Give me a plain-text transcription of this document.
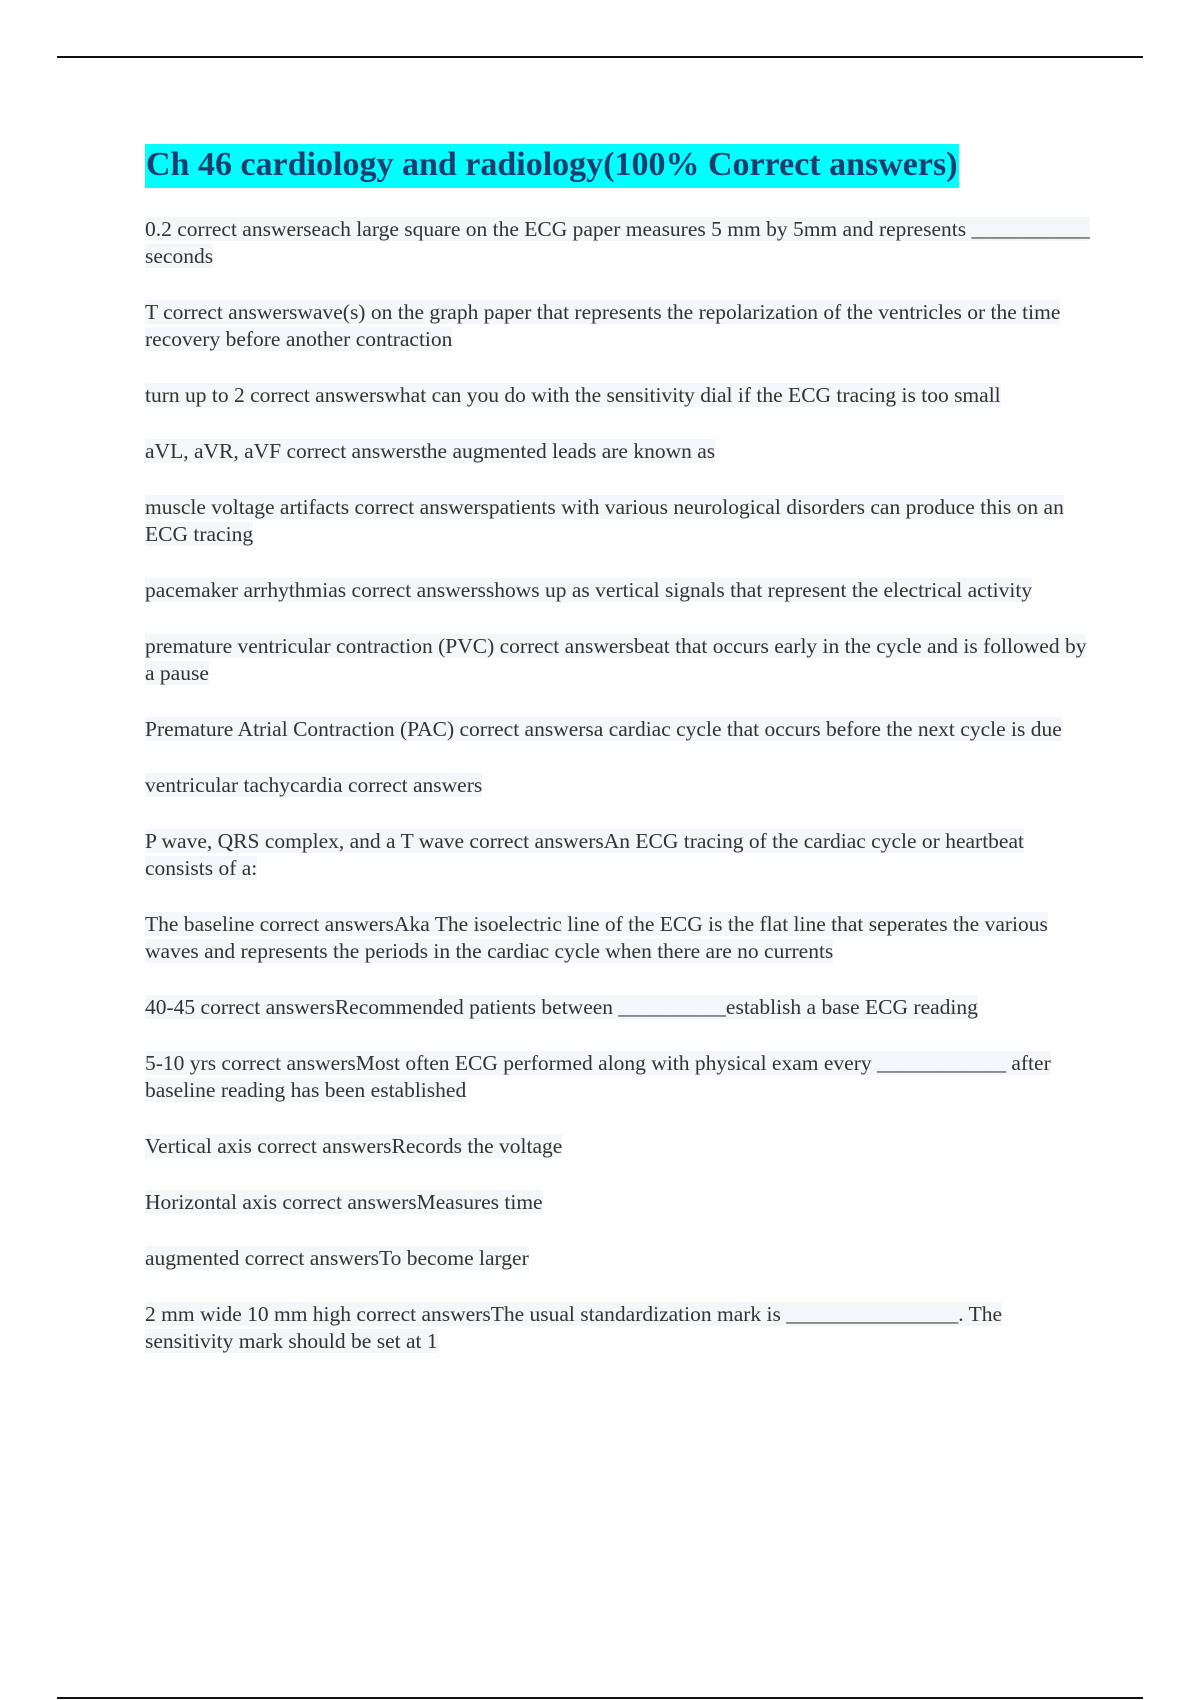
Ch 46 cardiology and radiology(100% Correct answers)
0.2 correct answerseach large square on the ECG paper measures 5 mm by 5mm and represents ___________ seconds
T correct answerswave(s) on the graph paper that represents the repolarization of the ventricles or the time recovery before another contraction
turn up to 2 correct answerswhat can you do with the sensitivity dial if the ECG tracing is too small
aVL, aVR, aVF correct answersthe augmented leads are known as
muscle voltage artifacts correct answerspatients with various neurological disorders can produce this on an ECG tracing
pacemaker arrhythmias correct answersshows up as vertical signals that represent the electrical activity
premature ventricular contraction (PVC) correct answersbeat that occurs early in the cycle and is followed by a pause
Premature Atrial Contraction (PAC) correct answersa cardiac cycle that occurs before the next cycle is due
ventricular tachycardia correct answers
P wave, QRS complex, and a T wave correct answersAn ECG tracing of the cardiac cycle or heartbeat consists of a:
The baseline correct answersAka The isoelectric line of the ECG is the flat line that seperates the various waves and represents the periods in the cardiac cycle when there are no currents
40-45 correct answersRecommended patients between __________establish a base ECG reading
5-10 yrs correct answersMost often ECG performed along with physical exam every ____________ after baseline reading has been established
Vertical axis correct answersRecords the voltage
Horizontal axis correct answersMeasures time
augmented correct answersTo become larger
2 mm wide 10 mm high correct answersThe usual standardization mark is ________________. The sensitivity mark should be set at 1
